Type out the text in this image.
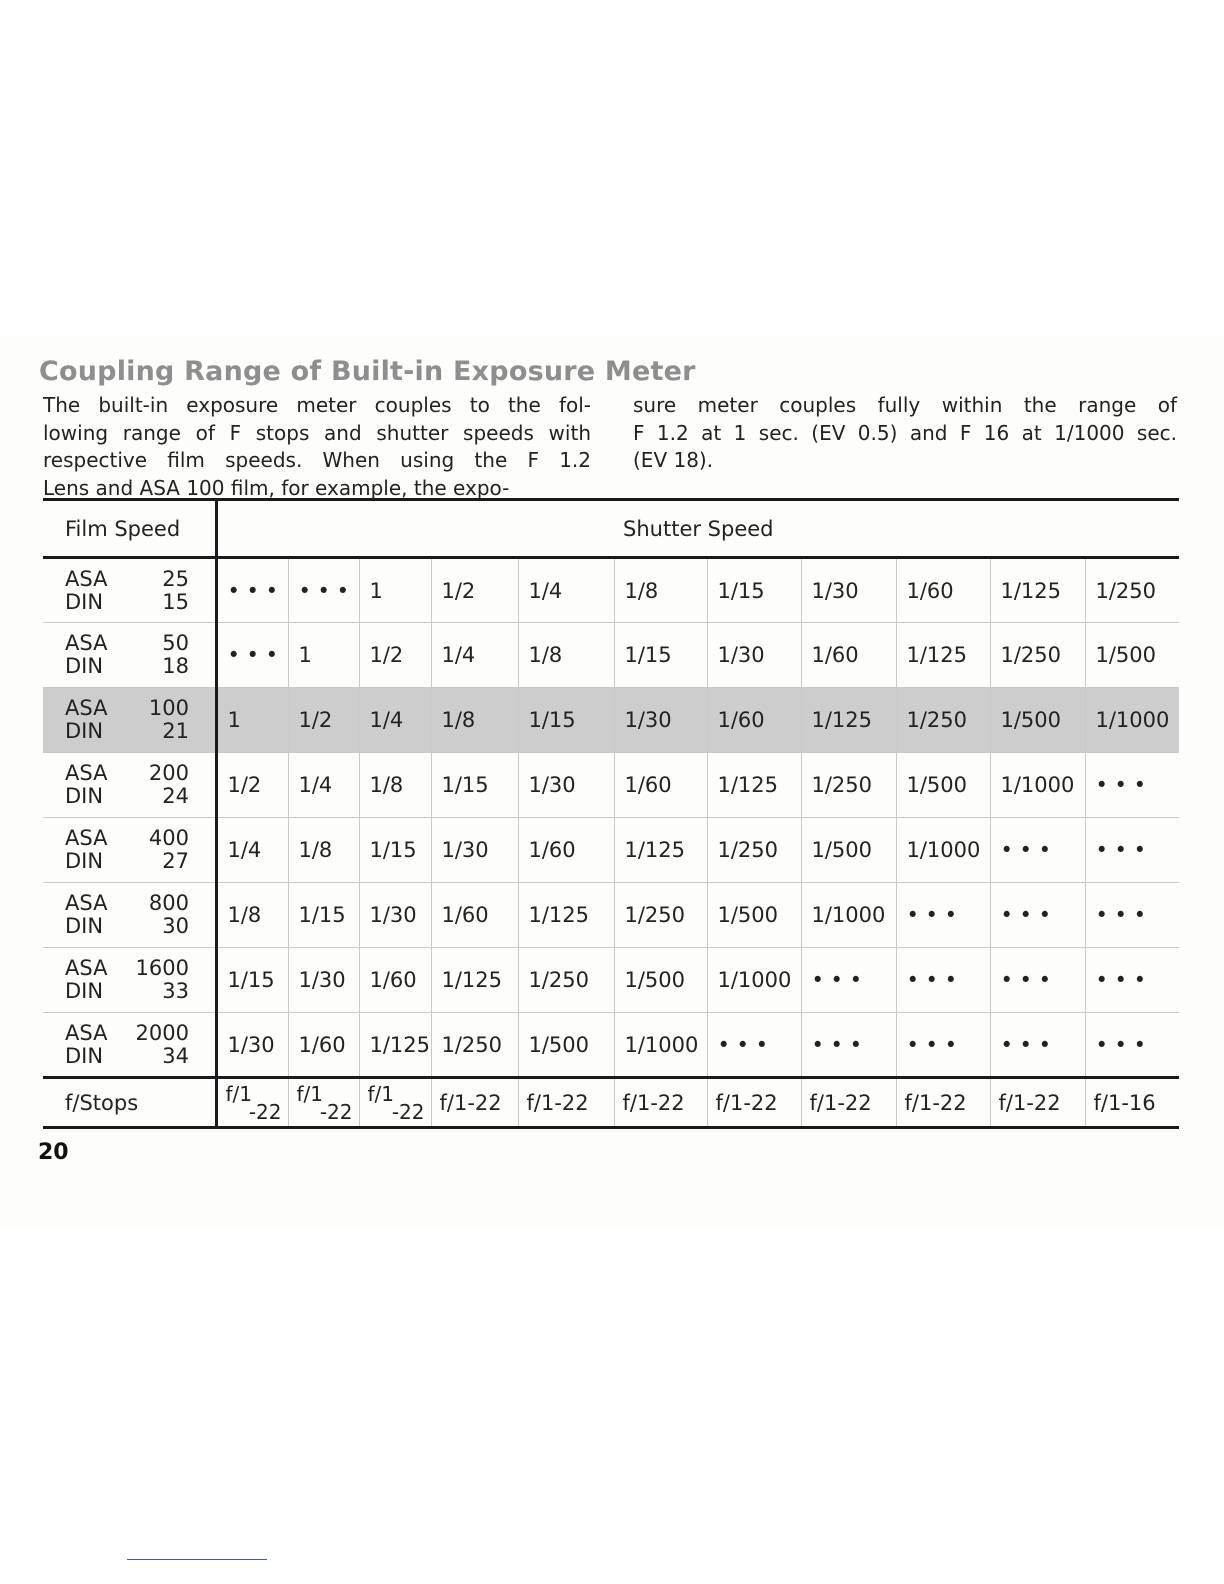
Coupling Range of Built-in Exposure Meter
The built-in exposure meter couples to the fol-
lowing range of F stops and shutter speeds with
respective film speeds. When using the F 1.2
Lens and ASA 100 film, for example, the expo-
sure meter couples fully within the range of
F 1.2 at 1 sec. (EV 0.5) and F 16 at 1/1000 sec.
(EV 18).
Film Speed	Shutter Speed										

ASA 25
DIN 15	• • •	• • •	1	1/2	1/4	1/8	1/15	1/30	1/60	1/125	1/250

ASA 50
DIN 18	• • •	1	1/2	1/4	1/8	1/15	1/30	1/60	1/125	1/250	1/500

ASA 100
DIN 21	1	1/2	1/4	1/8	1/15	1/30	1/60	1/125	1/250	1/500	1/1000

ASA 200
DIN 24	1/2	1/4	1/8	1/15	1/30	1/60	1/125	1/250	1/500	1/1000	• • •

ASA 400
DIN 27	1/4	1/8	1/15	1/30	1/60	1/125	1/250	1/500	1/1000	• • •	• • •

ASA 800
DIN 30	1/8	1/15	1/30	1/60	1/125	1/250	1/500	1/1000	• • •	• • •	• • •

ASA 1600
DIN 33	1/15	1/30	1/60	1/125	1/250	1/500	1/1000	• • •	• • •	• • •	• • •

ASA 2000
DIN 34	1/30	1/60	1/125	1/250	1/500	1/1000	• • •	• • •	• • •	• • •	• • •
f/Stops	f/1
-22	f/1
-22	f/1
-22	f/1-22	f/1-22	f/1-22	f/1-22	f/1-22	f/1-22	f/1-22	f/1-16
20
